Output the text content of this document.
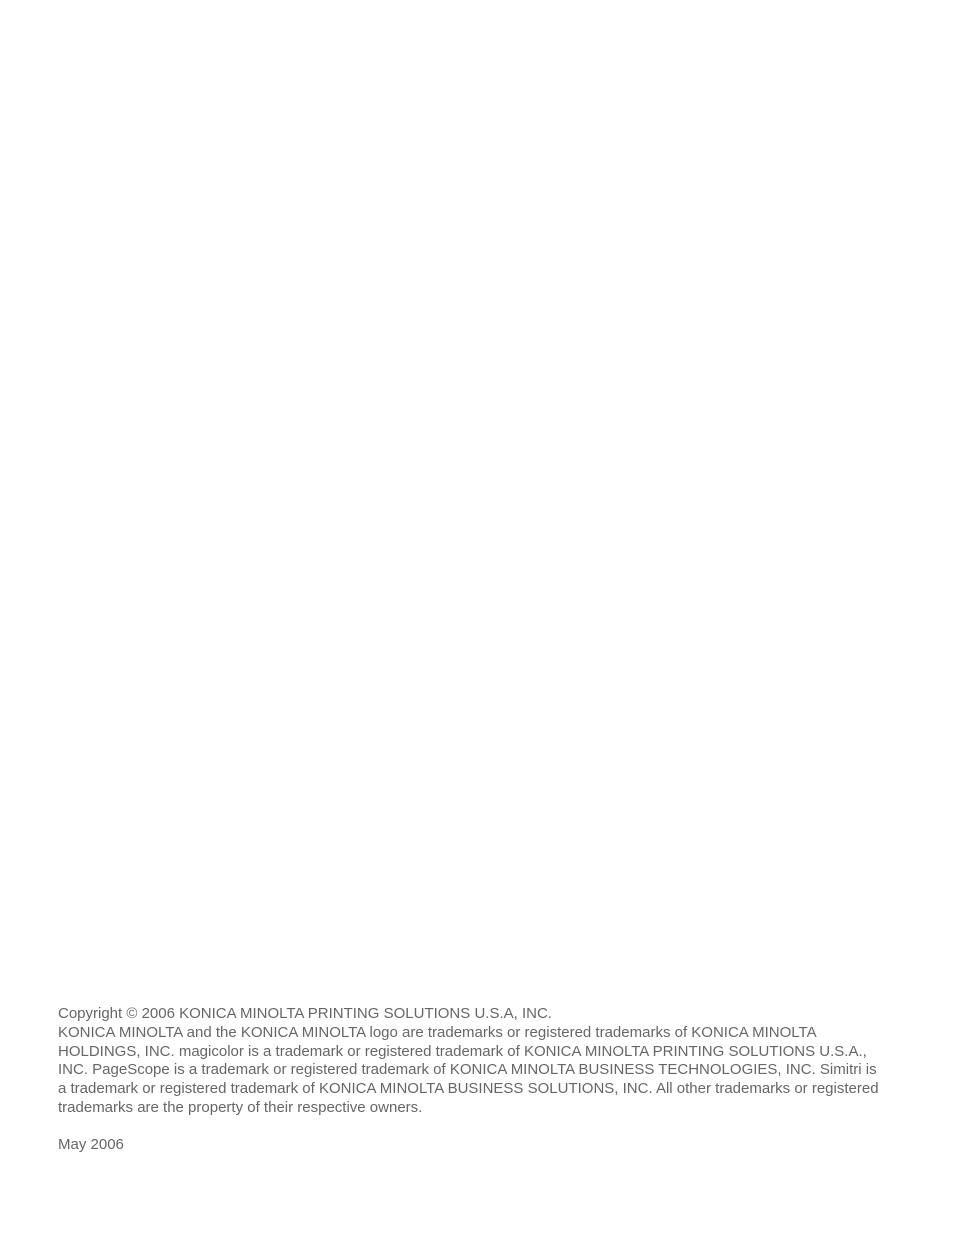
Copyright © 2006 KONICA MINOLTA PRINTING SOLUTIONS U.S.A, INC.

KONICA MINOLTA and the KONICA MINOLTA logo are trademarks or registered trademarks of KONICA MINOLTA HOLDINGS, INC. magicolor is a trademark or registered trademark of KONICA MINOLTA PRINTING SOLUTIONS U.S.A., INC. PageScope is a trademark or registered trademark of KONICA MINOLTA BUSINESS TECHNOLOGIES, INC. Simitri is a trademark or registered trademark of KONICA MINOLTA BUSINESS SOLUTIONS, INC. All other trademarks or registered trademarks are the property of their respective owners.

May 2006
